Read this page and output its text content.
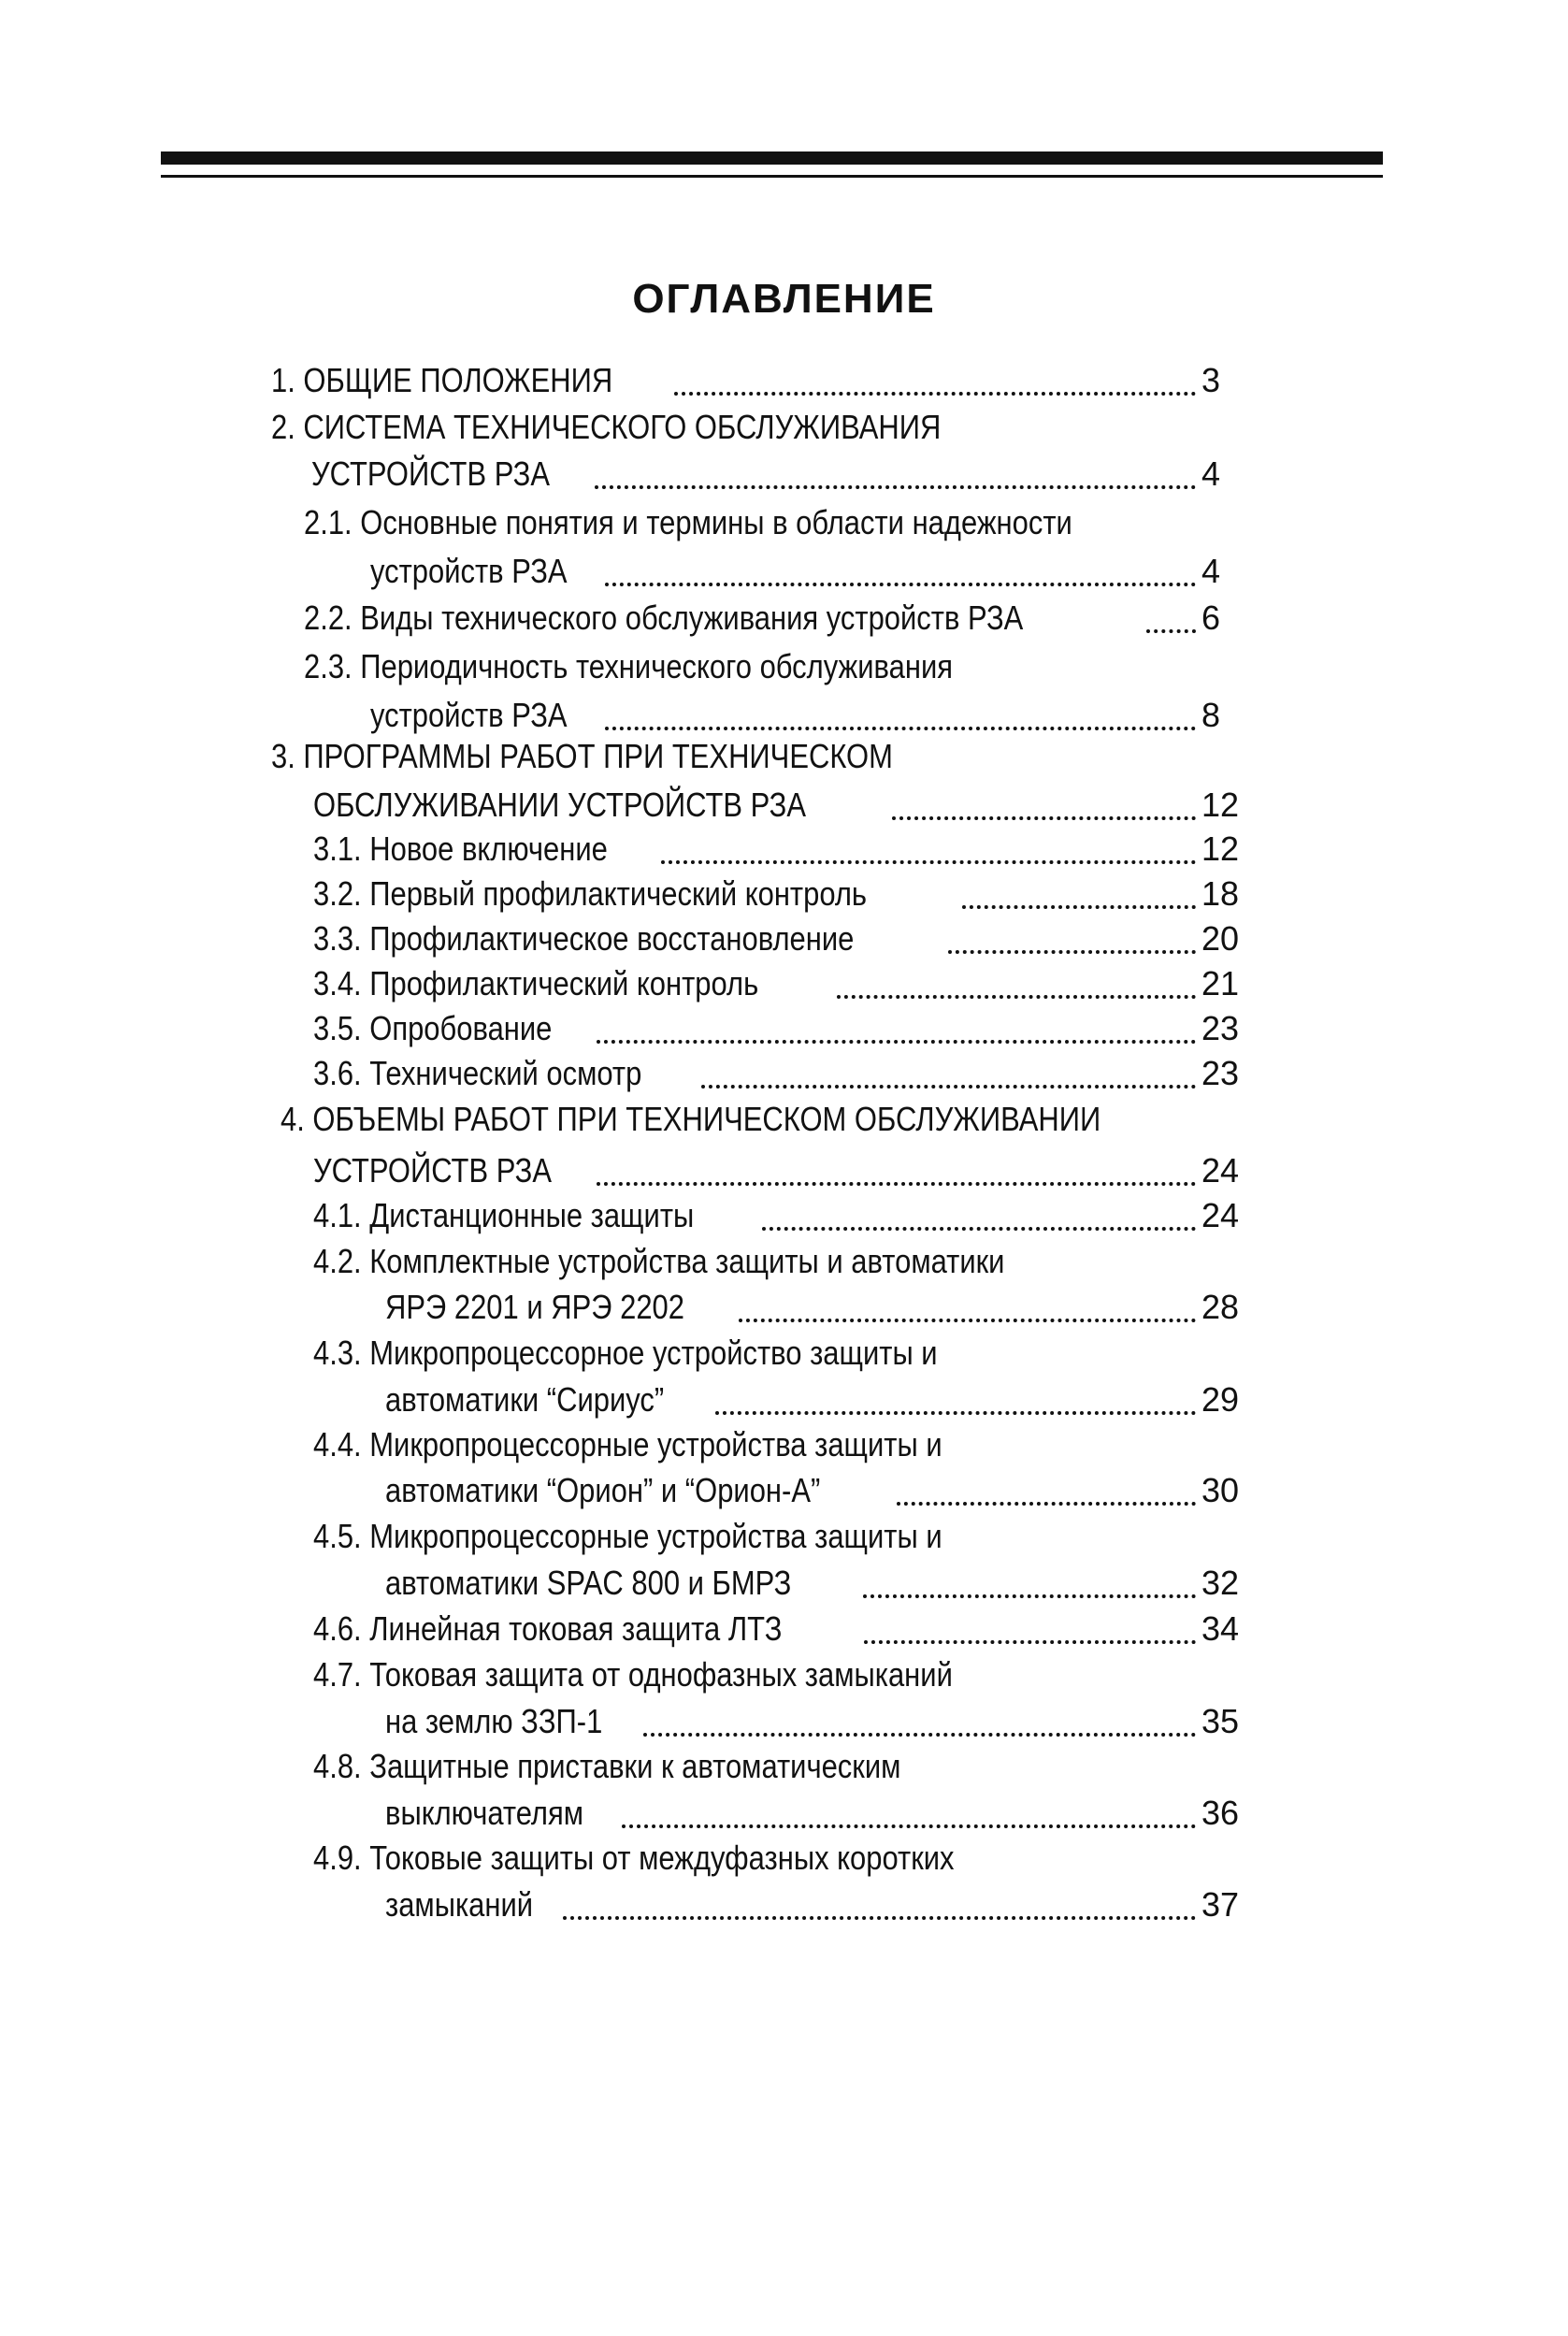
ОГЛАВЛЕНИЕ
1. ОБЩИЕ ПОЛОЖЕНИЯ	3
2. СИСТЕМА ТЕХНИЧЕСКОГО ОБСЛУЖИВАНИЯ
УСТРОЙСТВ РЗА	4
2.1. Основные понятия и термины в области надежности
устройств РЗА	4
2.2. Виды технического обслуживания устройств РЗА	6
2.3. Периодичность технического обслуживания
устройств РЗА	8
3. ПРОГРАММЫ РАБОТ ПРИ ТЕХНИЧЕСКОМ
ОБСЛУЖИВАНИИ УСТРОЙСТВ РЗА	12
3.1. Новое включение	12
3.2. Первый профилактический контроль	18
3.3. Профилактическое восстановление	20
3.4. Профилактический контроль	21
3.5. Опробование	23
3.6. Технический осмотр	23
4. ОБЪЕМЫ РАБОТ ПРИ ТЕХНИЧЕСКОМ ОБСЛУЖИВАНИИ
УСТРОЙСТВ РЗА	24
4.1. Дистанционные защиты	24
4.2. Комплектные устройства защиты и автоматики
ЯРЭ 2201 и ЯРЭ 2202	28
4.3. Микропроцессорное устройство защиты и
автоматики “Сириус”	29
4.4. Микропроцессорные устройства защиты и
автоматики “Орион” и “Орион-А”	30
4.5. Микропроцессорные устройства защиты и
автоматики SPAC 800 и БМРЗ	32
4.6. Линейная токовая защита ЛТЗ	34
4.7. Токовая защита от однофазных замыканий
на землю ЗЗП-1	35
4.8. Защитные приставки к автоматическим
выключателям	36
4.9. Токовые защиты от междуфазных коротких
замыканий	37
